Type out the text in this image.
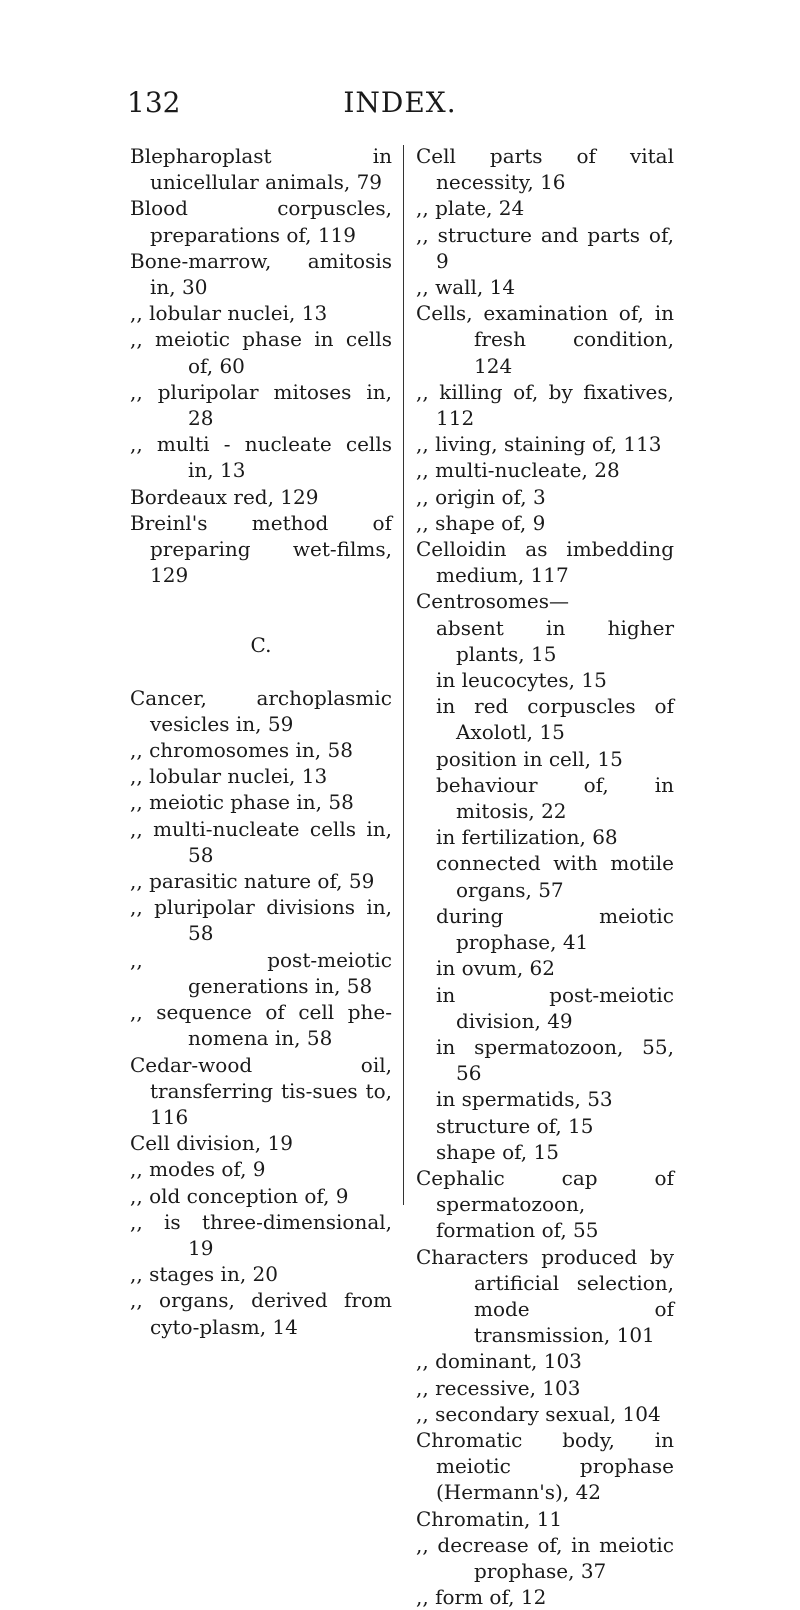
INDEX.
132

Blepharoplast in unicellular animals, 79

Blood corpuscles, preparations of, 119

Bone-marrow, amitosis in, 30

,, lobular nuclei, 13

,, meiotic phase in cells of, 60

,, pluripolar mitoses in, 28

,, multi - nucleate cells in, 13

Bordeaux red, 129

Breinl's method of preparing wet-films, 129

C.

Cancer, archoplasmic vesicles in, 59

,, chromosomes in, 58

,, lobular nuclei, 13

,, meiotic phase in, 58

,, multi-nucleate cells in, 58

,, parasitic nature of, 59

,, pluripolar divisions in, 58

,, post-meiotic generations in, 58

,, sequence of cell phe-nomena in, 58

Cedar-wood oil, transferring tis-sues to, 116

Cell division, 19

,, modes of, 9

,, old conception of, 9

,, is three-dimensional, 19

,, stages in, 20

,, organs, derived from cyto-plasm, 14

Cell parts of vital necessity, 16

,, plate, 24

,, structure and parts of, 9

,, wall, 14

Cells, examination of, in fresh condition, 124

,, killing of, by fixatives, 112

,, living, staining of, 113

,, multi-nucleate, 28

,, origin of, 3

,, shape of, 9

Celloidin as imbedding medium, 117

Centrosomes—

absent in higher plants, 15

in leucocytes, 15

in red corpuscles of Axolotl, 15

position in cell, 15

behaviour of, in mitosis, 22

in fertilization, 68

connected with motile organs, 57

during meiotic prophase, 41

in ovum, 62

in post-meiotic division, 49

in spermatozoon, 55, 56

in spermatids, 53

structure of, 15

shape of, 15

Cephalic cap of spermatozoon, formation of, 55

Characters produced by artificial selection, mode of transmission, 101

,, dominant, 103

,, recessive, 103

,, secondary sexual, 104

Chromatic body, in meiotic prophase (Hermann's), 42

Chromatin, 11

,, decrease of, in meiotic prophase, 37

,, form of, 12
